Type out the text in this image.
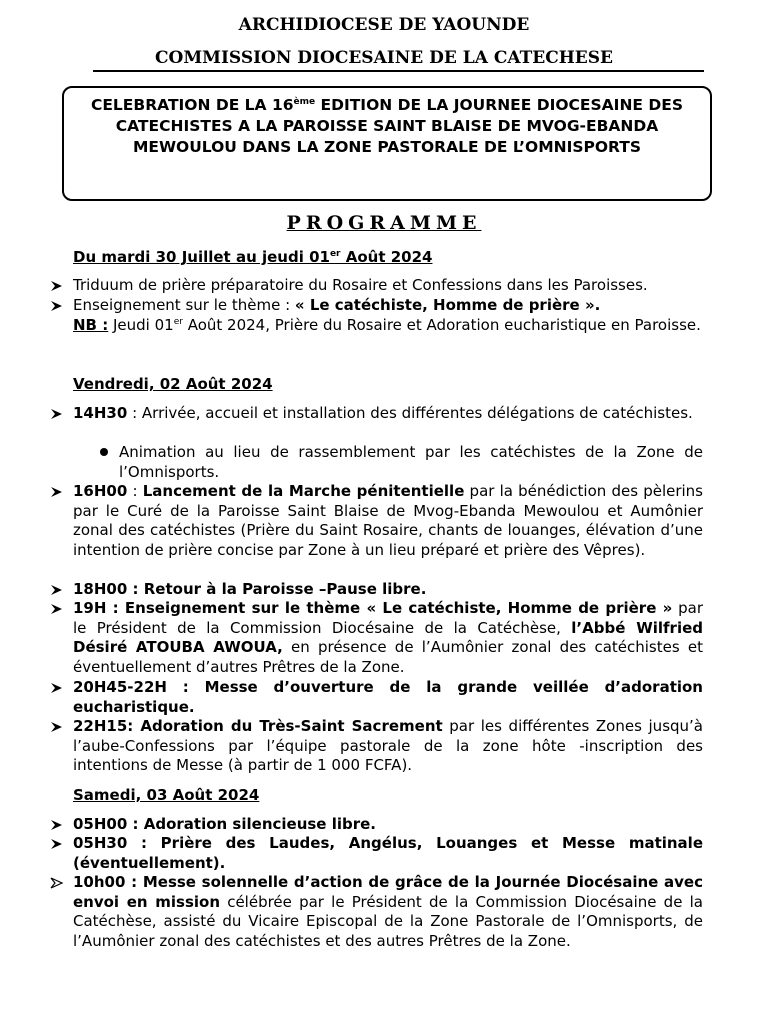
ARCHIDIOCESE DE YAOUNDE
COMMISSION DIOCESAINE DE LA CATECHESE
CELEBRATION DE LA 16ème EDITION DE LA JOURNEE DIOCESAINE DES
CATECHISTES A LA PAROISSE SAINT BLAISE DE MVOG-EBANDA
MEWOULOU DANS LA ZONE PASTORALE DE L’OMNISPORTS
PROGRAMME
Du mardi 30 Juillet au jeudi 01er Août 2024
Triduum de prière préparatoire du Rosaire et Confessions dans les Paroisses.
Enseignement sur le thème : « Le catéchiste, Homme de prière ».
NB : Jeudi 01er Août 2024, Prière du Rosaire et Adoration eucharistique en Paroisse.
Vendredi, 02 Août 2024
14H30 : Arrivée, accueil et installation des différentes délégations de catéchistes.
Animation au lieu de rassemblement par les catéchistes de la Zone de l’Omnisports.
16H00 : Lancement de la Marche pénitentielle par la bénédiction des pèlerins par le Curé de la Paroisse Saint Blaise de Mvog-Ebanda Mewoulou et Aumônier zonal des catéchistes (Prière du Saint Rosaire, chants de louanges, élévation d’une intention de prière concise par Zone à un lieu préparé et prière des Vêpres).
18H00 : Retour à la Paroisse –Pause libre.
19H : Enseignement sur le thème « Le catéchiste, Homme de prière » par le Président de la Commission Diocésaine de la Catéchèse, l’Abbé Wilfried Désiré ATOUBA AWOUA, en présence de l’Aumônier zonal des catéchistes et éventuellement d’autres Prêtres de la Zone.
20H45-22H : Messe d’ouverture de la grande veillée d’adoration eucharistique.
22H15: Adoration du Très-Saint Sacrement par les différentes Zones jusqu’à l’aube-Confessions par l’équipe pastorale de la zone hôte -inscription des intentions de Messe (à partir de 1 000 FCFA).
Samedi, 03 Août 2024
05H00 : Adoration silencieuse libre.
05H30 : Prière des Laudes, Angélus, Louanges et Messe matinale (éventuellement).
10h00 : Messe solennelle d’action de grâce de la Journée Diocésaine avec envoi en mission célébrée par le Président de la Commission Diocésaine de la Catéchèse, assisté du Vicaire Episcopal de la Zone Pastorale de l’Omnisports, de l’Aumônier zonal des catéchistes et des autres Prêtres de la Zone.
